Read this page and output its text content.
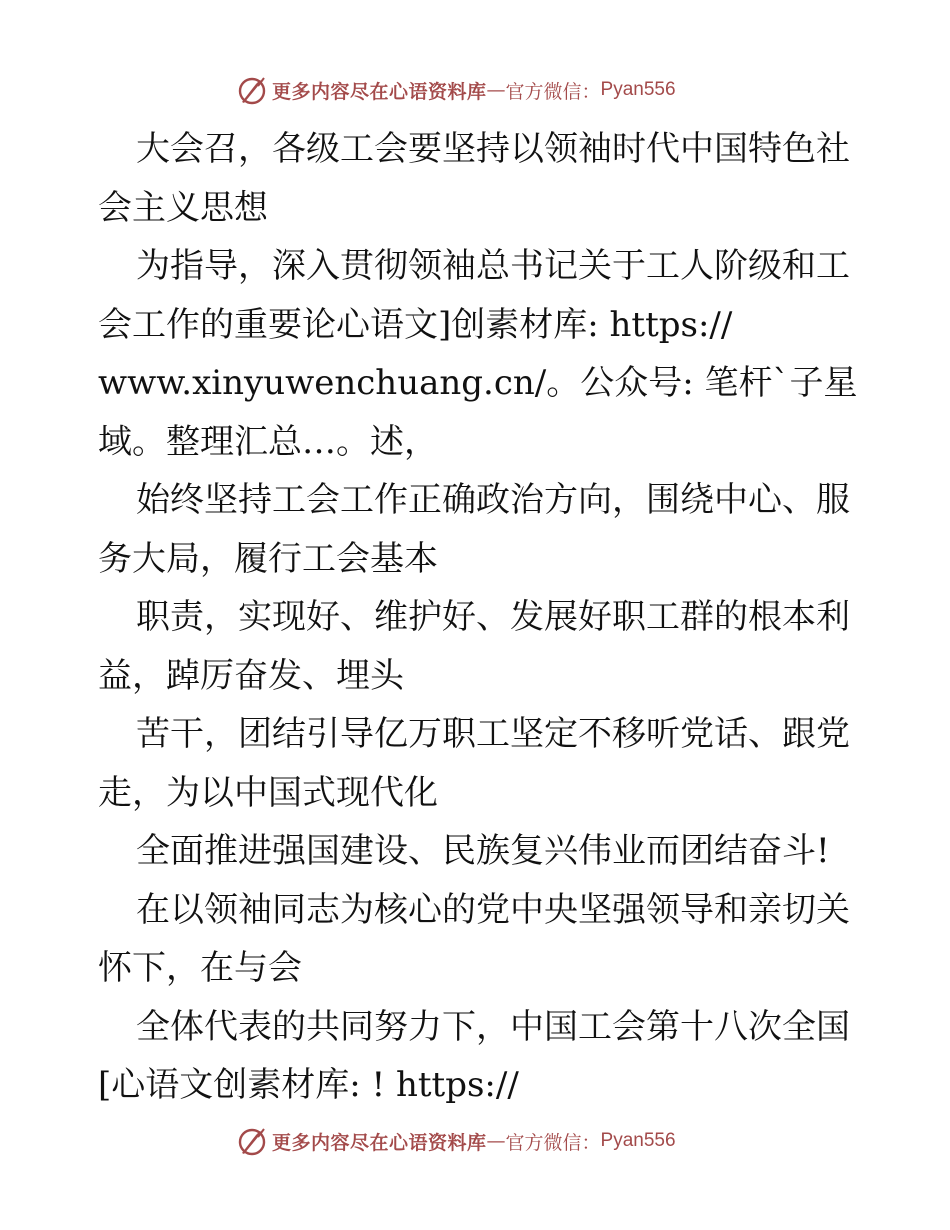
更多内容尽在心语资料库 — 官方微信： Pyan556

大会召，各级工会要坚持以领袖时代中国特色社

会主义思想

为指导，深入贯彻领袖总书记关于工人阶级和工

会工作的重要论心语文]创素材库: https://

www.xinyuwenchuang.cn/。公众号: 笔杆`子星

域。整理汇总…。述，

始终坚持工会工作正确政治方向，围绕中心、服

务大局，履行工会基本

职责，实现好、维护好、发展好职工群的根本利

益，踔厉奋发、埋头

苦干，团结引导亿万职工坚定不移听党话、跟党

走，为以中国式现代化

全面推进强国建设、民族复兴伟业而团结奋斗!

在以领袖同志为核心的党中央坚强领导和亲切关

怀下，在与会

全体代表的共同努力下，中国工会第十八次全国

[心语文创素材库: ! https://

更多内容尽在心语资料库 — 官方微信： Pyan556
